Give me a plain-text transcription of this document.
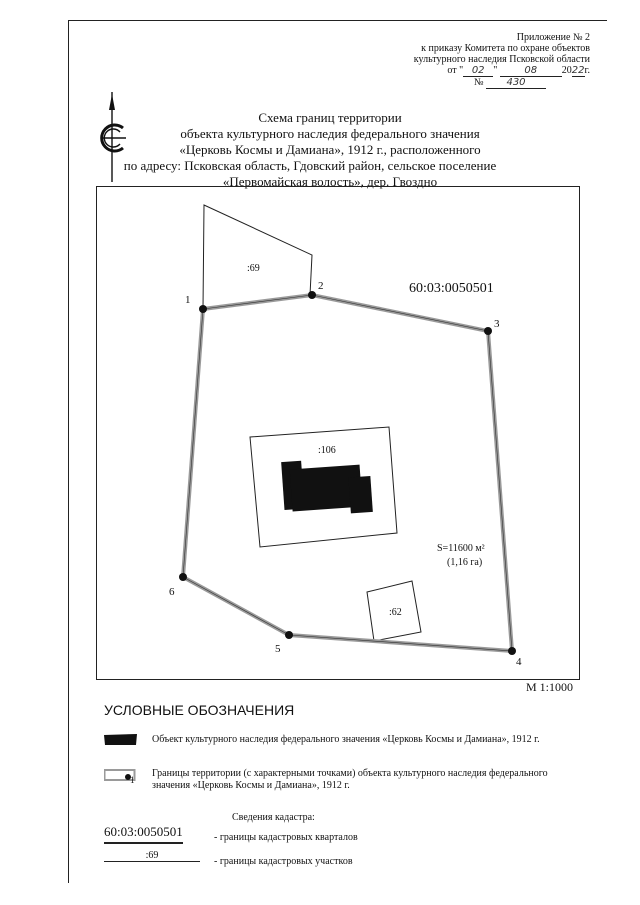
Приложение № 2
к приказу Комитета по охране объектов
культурного наследия Псковской области
от " 02 " 08 2022г.
№ 430
Схема границ территории
объекта культурного наследия федерального значения
«Церковь Космы и Дамиана», 1912 г., расположенного
по адресу: Псковская область, Гдовский район, сельское поселение
«Первомайская волость», дер. Гвоздно
:69
:106
:62
1
2
3
4
5
6
60:03:0050501
S=11600 м²
(1,16 га)
М 1:1000
УСЛОВНЫЕ ОБОЗНАЧЕНИЯ
Объект культурного наследия федерального значения «Церковь Космы и Дамиана», 1912 г.
1
Границы территории (с характерными точками) объекта культурного наследия федерального
значения «Церковь Космы и Дамиана», 1912 г.
Сведения кадастра:
60:03:0050501	- границы кадастровых кварталов
:69
- границы кадастровых участков
